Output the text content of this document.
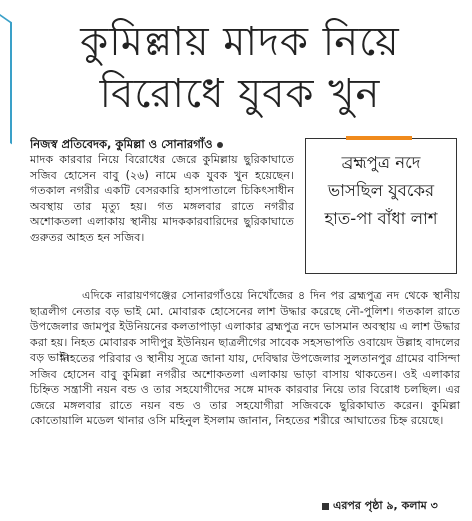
কুমিল্লায় মাদক নিয়ে
বিরোধে যুবক খুন
নিজস্ব প্রতিবেদক, কুমিল্লা ও সোনারগাঁও

মাদক কারবার নিয়ে বিরোধের জেরে কুমিল্লায় ছুরিকাঘাতে সজিব হোসেন বাবু (২৬) নামে এক যুবক খুন হয়েছেন। গতকাল নগরীর একটি বেসরকারি হাসপাতালে চিকিৎসাধীন অবস্থায় তার মৃত্যু হয়। গত মঙ্গলবার রাতে নগরীর অশোকতলা এলাকায় স্থানীয় মাদককারবারিদের ছুরিকাঘাতে গুরুতর আহত হন সজিব।

ব্রহ্মপুত্র নদে ভাসছিল যুবকের হাত-পা বাঁধা লাশ

এদিকে নারায়ণগঞ্জের সোনারগাঁওয়ে নিখোঁজের ৪ দিন পর ব্রহ্মপুত্র নদ থেকে স্থানীয় ছাত্রলীগ নেতার বড় ভাই মো. মোবারক হোসেনের লাশ উদ্ধার করেছে নৌ-পুলিশ। গতকাল রাতে উপজেলার জামপুর ইউনিয়নের কলতাপাড়া এলাকার ব্রহ্মপুত্র নদে ভাসমান অবস্থায় এ লাশ উদ্ধার করা হয়। নিহত মোবারক সাদীপুর ইউনিয়ন ছাত্রলীগের সাবেক সহসভাপতি ওবায়েদ উল্লাহ বাদলের বড় ভাই।

নিহতের পরিবার ও স্থানীয় সূত্রে জানা যায়, দেবিদ্বার উপজেলার সুলতানপুর গ্রামের বাসিন্দা সজিব হোসেন বাবু কুমিল্লা নগরীর অশোকতলা এলাকায় ভাড়া বাসায় থাকতেন। ওই এলাকার চিহ্নিত সন্ত্রাসী নয়ন বন্ড ও তার সহযোগীদের সঙ্গে মাদক কারবার নিয়ে তার বিরোধ চলছিল। এর জেরে মঙ্গলবার রাতে নয়ন বন্ড ও তার সহযোগীরা সজিবকে ছুরিকাঘাত করেন। কুমিল্লা কোতোয়ালি মডেল থানার ওসি মহিনুল ইসলাম জানান, নিহতের শরীরে আঘাতের চিহ্ন রয়েছে।

এরপর পৃষ্ঠা ৯, কলাম ৩
